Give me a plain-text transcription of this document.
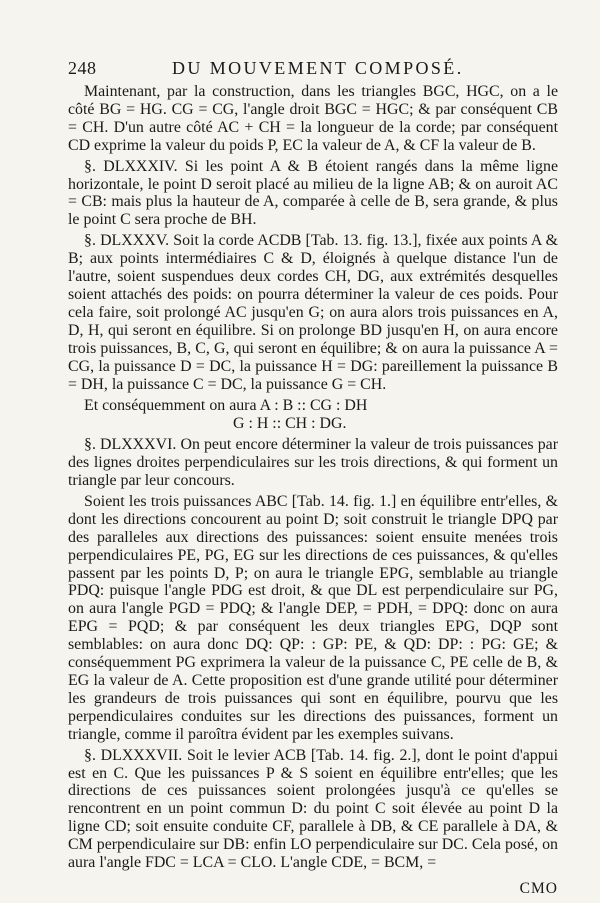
248	DU MOUVEMENT COMPOSÉ.

Maintenant, par la construction, dans les triangles BGC, HGC, on a le côté BG = HG. CG = CG, l'angle droit BGC = HGC; & par conséquent CB = CH. D'un autre côté AC + CH = la longueur de la corde; par conséquent CD exprime la valeur du poids P, EC la valeur de A, & CF la valeur de B.

§. DLXXXIV. Si les point A & B étoient rangés dans la même ligne horizontale, le point D seroit placé au milieu de la ligne AB; & on auroit AC = CB: mais plus la hauteur de A, comparée à celle de B, sera grande, & plus le point C sera proche de BH.

§. DLXXXV. Soit la corde ACDB [Tab. 13. fig. 13.], fixée aux points A & B; aux points intermédiaires C & D, éloignés à quelque distance l'un de l'autre, soient suspendues deux cordes CH, DG, aux extrémités desquelles soient attachés des poids: on pourra déterminer la valeur de ces poids. Pour cela faire, soit prolongé AC jusqu'en G; on aura alors trois puissances en A, D, H, qui seront en équilibre. Si on prolonge BD jusqu'en H, on aura encore trois puissances, B, C, G, qui seront en équilibre; & on aura la puissance A = CG, la puissance D = DC, la puissance H = DG: pareillement la puissance B = DH, la puissance C = DC, la puissance G = CH.

Et conséquemment on aura A : B :: CG : DH

G : H :: CH : DG.

§. DLXXXVI. On peut encore déterminer la valeur de trois puissances par des lignes droites perpendiculaires sur les trois directions, & qui forment un triangle par leur concours.

Soient les trois puissances ABC [Tab. 14. fig. 1.] en équilibre entr'elles, & dont les directions concourent au point D; soit construit le triangle DPQ par des paralleles aux directions des puissances: soient ensuite menées trois perpendiculaires PE, PG, EG sur les directions de ces puissances, & qu'elles passent par les points D, P; on aura le triangle EPG, semblable au triangle PDQ: puisque l'angle PDG est droit, & que DL est perpendiculaire sur PG, on aura l'angle PGD = PDQ; & l'angle DEP, = PDH, = DPQ: donc on aura EPG = PQD; & par conséquent les deux triangles EPG, DQP sont semblables: on aura donc DQ: QP: : GP: PE, & QD: DP: : PG: GE; & conséquemment PG exprimera la valeur de la puissance C, PE celle de B, & EG la valeur de A. Cette proposition est d'une grande utilité pour déterminer les grandeurs de trois puissances qui sont en équilibre, pourvu que les perpendiculaires conduites sur les directions des puissances, forment un triangle, comme il paroîtra évident par les exemples suivans.

§. DLXXXVII. Soit le levier ACB [Tab. 14. fig. 2.], dont le point d'appui est en C. Que les puissances P & S soient en équilibre entr'elles; que les directions de ces puissances soient prolongées jusqu'à ce qu'elles se rencontrent en un point commun D: du point C soit élevée au point D la ligne CD; soit ensuite conduite CF, parallele à DB, & CE parallele à DA, & CM perpendiculaire sur DB: enfin LO perpendiculaire sur DC. Cela posé, on aura l'angle FDC = LCA = CLO. L'angle CDE, = BCM, =

CMO
